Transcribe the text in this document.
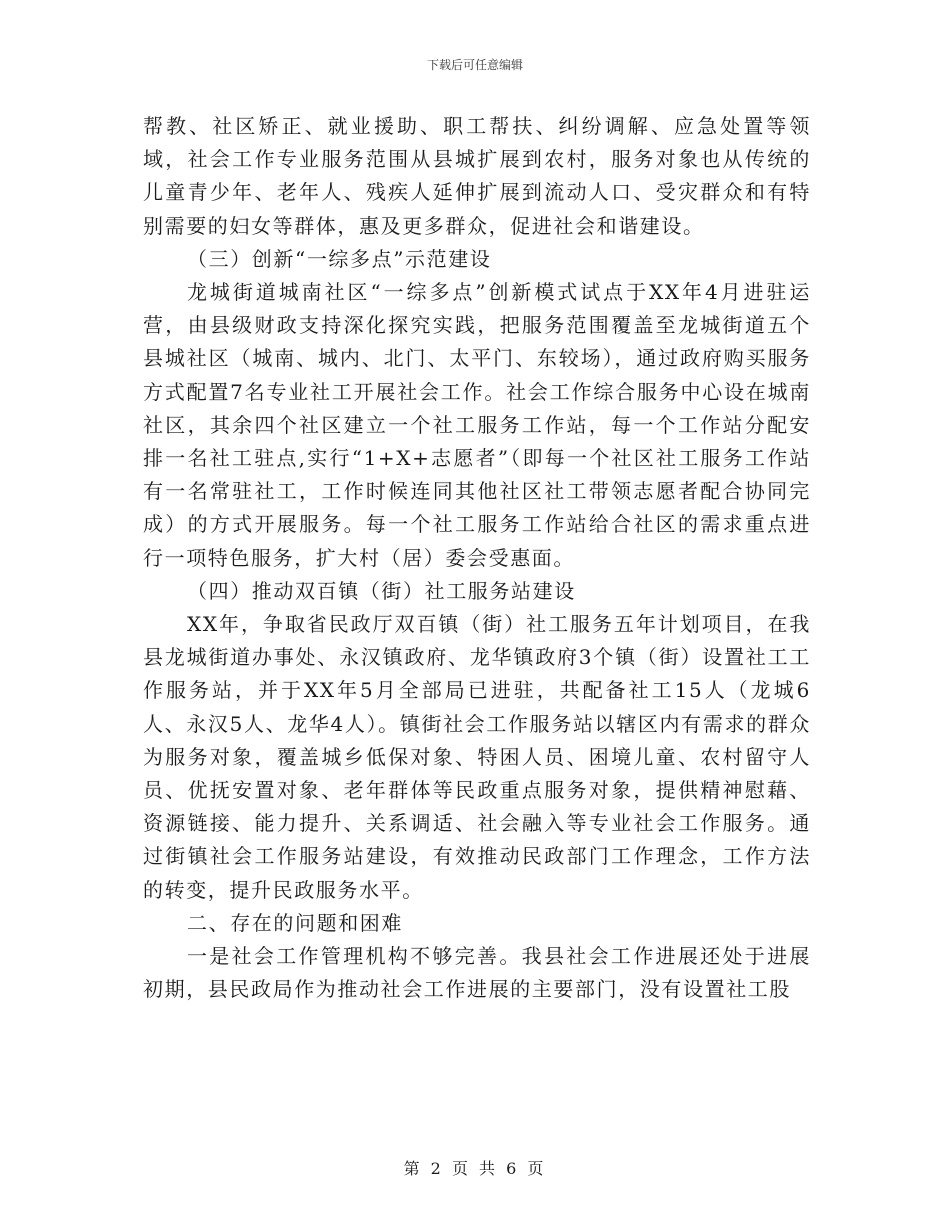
下载后可任意编辑

帮教、社区矫正、就业援助、职工帮扶、纠纷调解、应急处置等领域，社会工作专业服务范围从县城扩展到农村，服务对象也从传统的儿童青少年、老年人、残疾人延伸扩展到流动人口、受灾群众和有特别需要的妇女等群体，惠及更多群众，促进社会和谐建设。

（三）创新“一综多点”示范建设

龙城街道城南社区“一综多点”创新模式试点于XX年4月进驻运营，由县级财政支持深化探究实践，把服务范围覆盖至龙城街道五个县城社区（城南、城内、北门、太平门、东较场），通过政府购买服务方式配置7名专业社工开展社会工作。社会工作综合服务中心设在城南社区，其余四个社区建立一个社工服务工作站，每一个工作站分配安排一名社工驻点,实行“1+X+志愿者”（即每一个社区社工服务工作站有一名常驻社工，工作时候连同其他社区社工带领志愿者配合协同完成）的方式开展服务。每一个社工服务工作站给合社区的需求重点进行一项特色服务，扩大村（居）委会受惠面。

（四）推动双百镇（街）社工服务站建设

XX年，争取省民政厅双百镇（街）社工服务五年计划项目，在我县龙城街道办事处、永汉镇政府、龙华镇政府3个镇（街）设置社工工作服务站，并于XX年5月全部局已进驻，共配备社工15人（龙城6人、永汉5人、龙华4人）。镇街社会工作服务站以辖区内有需求的群众为服务对象，覆盖城乡低保对象、特困人员、困境儿童、农村留守人员、优抚安置对象、老年群体等民政重点服务对象，提供精神慰藉、资源链接、能力提升、关系调适、社会融入等专业社会工作服务。通过街镇社会工作服务站建设，有效推动民政部门工作理念，工作方法的转变，提升民政服务水平。

二、存在的问题和困难

一是社会工作管理机构不够完善。我县社会工作进展还处于进展初期，县民政局作为推动社会工作进展的主要部门，没有设置社工股

第 2 页 共 6 页
